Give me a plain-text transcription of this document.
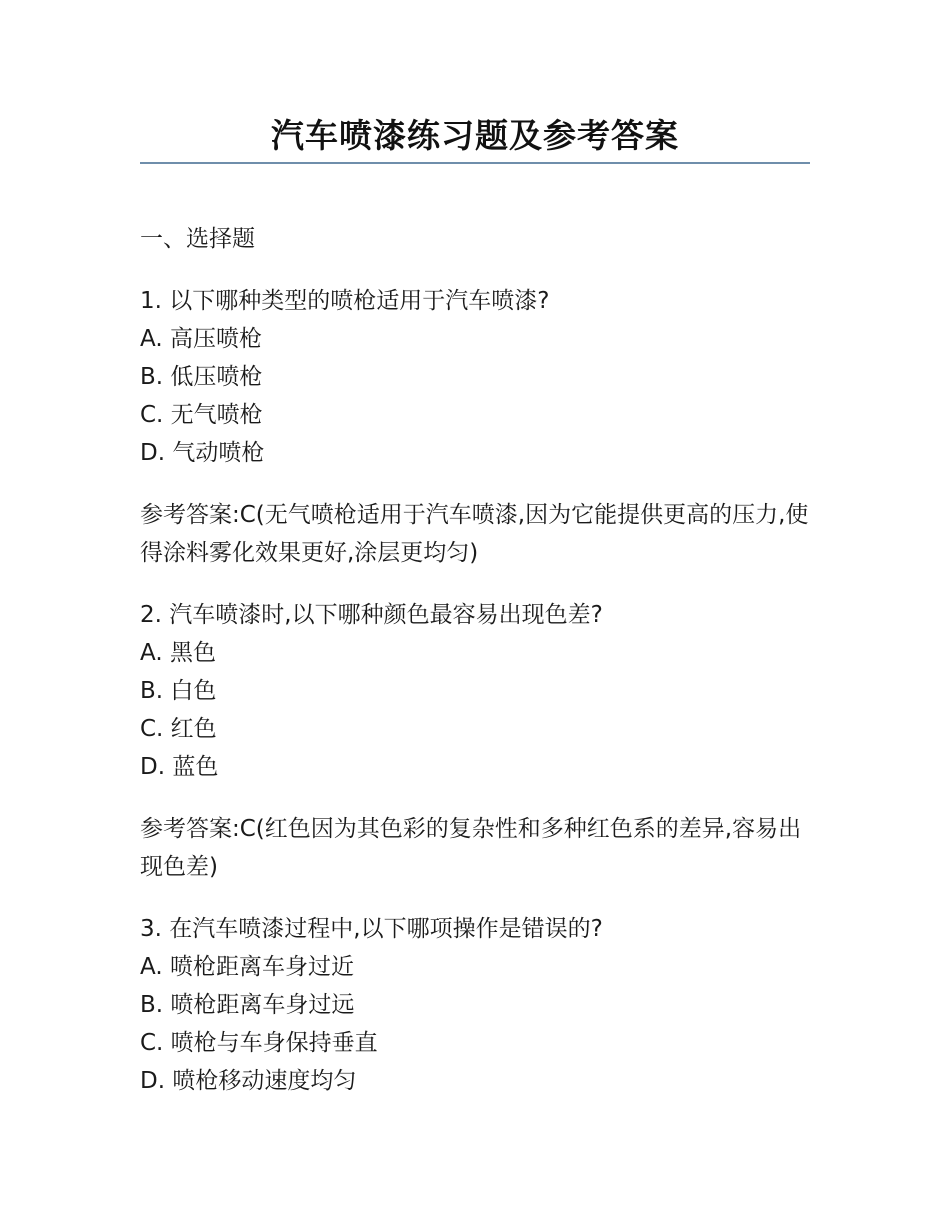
汽车喷漆练习题及参考答案
一、选择题
1. 以下哪种类型的喷枪适用于汽车喷漆?
A. 高压喷枪
B. 低压喷枪
C. 无气喷枪
D. 气动喷枪
参考答案:C(无气喷枪适用于汽车喷漆,因为它能提供更高的压力,使得涂料雾化效果更好,涂层更均匀)
2. 汽车喷漆时,以下哪种颜色最容易出现色差?
A. 黑色
B. 白色
C. 红色
D. 蓝色
参考答案:C(红色因为其色彩的复杂性和多种红色系的差异,容易出现色差)
3. 在汽车喷漆过程中,以下哪项操作是错误的?
A. 喷枪距离车身过近
B. 喷枪距离车身过远
C. 喷枪与车身保持垂直
D. 喷枪移动速度均匀
